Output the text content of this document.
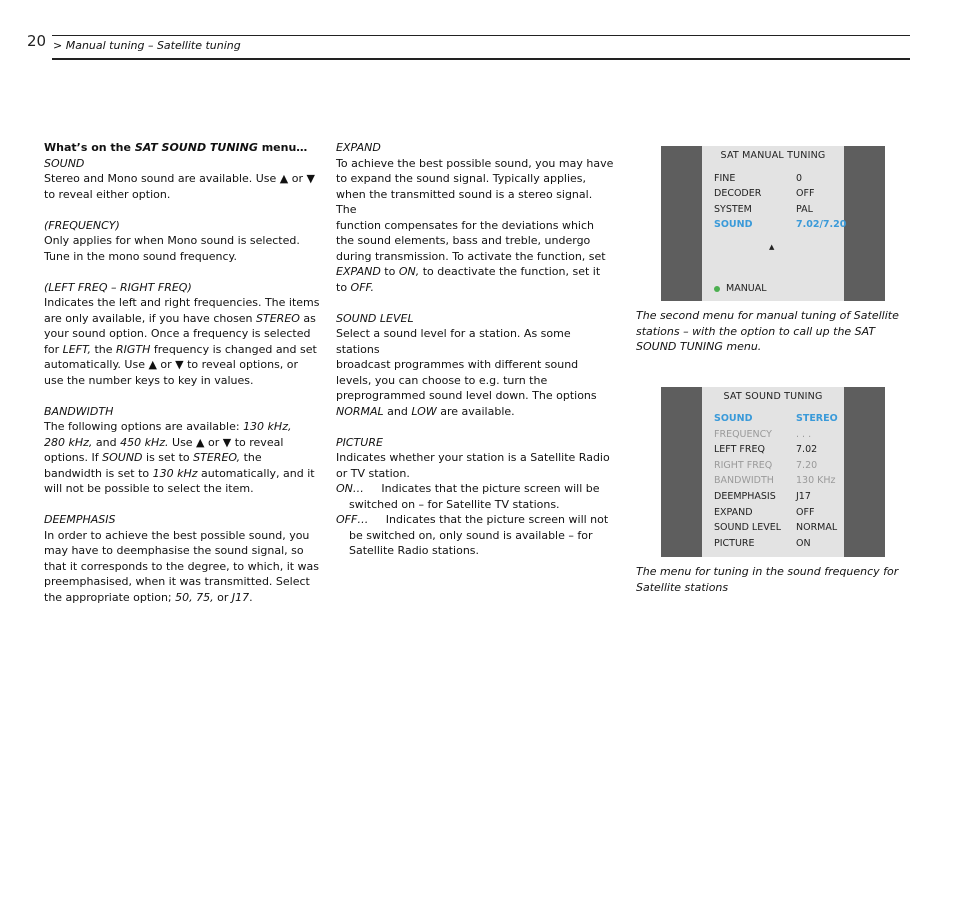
20 > Manual tuning – Satellite tuning

What’s on the SAT SOUND TUNING menu…

SOUND

Stereo and Mono sound are available. Use ▲ or ▼

to reveal either option.

(FREQUENCY)

Only applies for when Mono sound is selected.

Tune in the mono sound frequency.

(LEFT FREQ – RIGHT FREQ)

Indicates the left and right frequencies. The items

are only available, if you have chosen STEREO as

your sound option. Once a frequency is selected

for LEFT, the RIGTH frequency is changed and set

automatically. Use ▲ or ▼ to reveal options, or

use the number keys to key in values.

BANDWIDTH

The following options are available: 130 kHz,

280 kHz, and 450 kHz. Use ▲ or ▼ to reveal

options. If SOUND is set to STEREO, the

bandwidth is set to 130 kHz automatically, and it

will not be possible to select the item.

DEEMPHASIS

In order to achieve the best possible sound, you

may have to deemphasise the sound signal, so

that it corresponds to the degree, to which, it was

preemphasised, when it was transmitted. Select

the appropriate option; 50, 75, or J17.

EXPAND

To achieve the best possible sound, you may have

to expand the sound signal. Typically applies,

when the transmitted sound is a stereo signal. The

function compensates for the deviations which

the sound elements, bass and treble, undergo

during transmission. To activate the function, set

EXPAND to ON, to deactivate the function, set it

to OFF.

SOUND LEVEL

Select a sound level for a station. As some stations

broadcast programmes with different sound

levels, you can choose to e.g. turn the

preprogrammed sound level down. The options

NORMAL and LOW are available.

PICTURE

Indicates whether your station is a Satellite Radio

or TV station.

ON… Indicates that the picture screen will be

switched on – for Satellite TV stations.

OFF… Indicates that the picture screen will not

be switched on, only sound is available – for

Satellite Radio stations.

SAT MANUAL TUNING
FINE	0
DECODER	OFF
SYSTEM	PAL
SOUND	7.02/7.20
▲
MANUAL
The second menu for manual tuning of Satellite
stations – with the option to call up the SAT
SOUND TUNING menu.
SAT SOUND TUNING
SOUND	STEREO
FREQUENCY	. . .
LEFT FREQ	7.02
RIGHT FREQ 7.20
BANDWIDTH 130 KHz
DEEMPHASIS J17
EXPAND	OFF
SOUND LEVEL NORMAL
PICTURE	ON
The menu for tuning in the sound frequency for
Satellite stations
